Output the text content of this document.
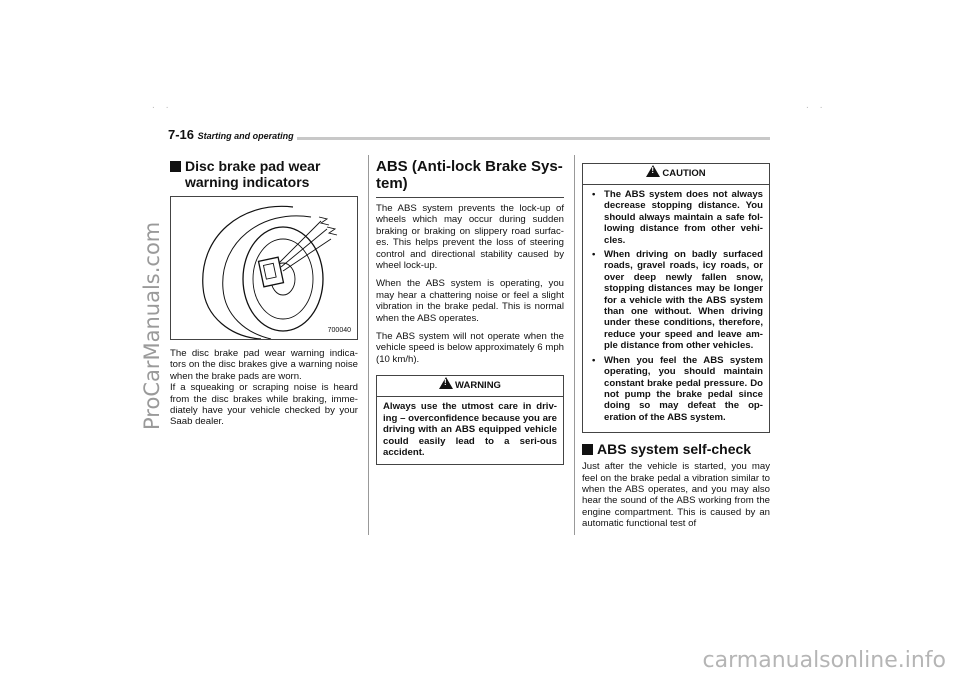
ProCarManuals.com
carmanualsonline.info
..	..
7-16 Starting and operating
Disc brake pad wear warning indicators
700040

The disc brake pad wear warning indica-tors on the disc brakes give a warning noise when the brake pads are worn.

If a squeaking or scraping noise is heard from the disc brakes while braking, imme-diately have your vehicle checked by your Saab dealer.

ABS (Anti-lock Brake Sys-tem)

The ABS system prevents the lock-up of wheels which may occur during sudden braking or braking on slippery road surfac-es. This helps prevent the loss of steering control and directional stability caused by wheel lock-up.

When the ABS system is operating, you may hear a chattering noise or feel a slight vibration in the brake pedal. This is normal when the ABS operates.

The ABS system will not operate when the vehicle speed is below approximately 6 mph (10 km/h).

!WARNING
Always use the utmost care in driv-ing – overconfidence because you are driving with an ABS equipped vehicle could easily lead to a seri-ous accident.
!CAUTION
• The ABS system does not always decrease stopping distance. You should always maintain a safe fol-lowing distance from other vehi-cles.
• When driving on badly surfaced roads, gravel roads, icy roads, or over deep newly fallen snow, stopping distances may be longer for a vehicle with the ABS system than one without. When driving under these conditions, therefore, reduce your speed and leave am-ple distance from other vehicles.
• When you feel the ABS system operating, you should maintain constant brake pedal pressure. Do not pump the brake pedal since doing so may defeat the op-eration of the ABS system.
ABS system self-check

Just after the vehicle is started, you may feel on the brake pedal a vibration similar to when the ABS operates, and you may also hear the sound of the ABS working from the engine compartment. This is caused by an automatic functional test of
